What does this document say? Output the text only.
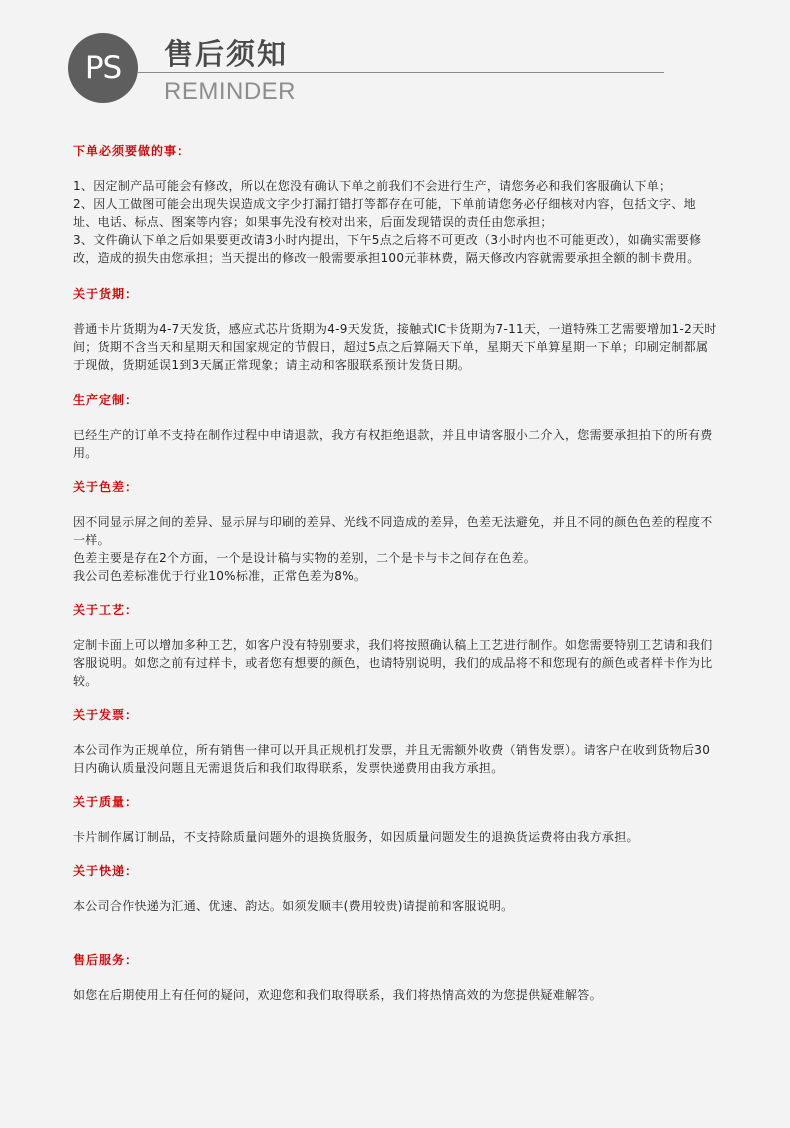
PS	售后须知
REMINDER
下单必须要做的事：

1、因定制产品可能会有修改，所以在您没有确认下单之前我们不会进行生产，请您务必和我们客服确认下单；

2、因人工做图可能会出现失误造成文字少打漏打错打等都存在可能，下单前请您务必仔细核对内容，包括文字、地址、电话、标点、图案等内容；如果事先没有校对出来，后面发现错误的责任由您承担；

3、文件确认下单之后如果要更改请3小时内提出，下午5点之后将不可更改（3小时内也不可能更改），如确实需要修改，造成的损失由您承担；当天提出的修改一般需要承担100元菲林费，隔天修改内容就需要承担全额的制卡费用。

关于货期：

普通卡片货期为4-7天发货，感应式芯片货期为4-9天发货，接触式IC卡货期为7-11天，一道特殊工艺需要增加1-2天时间；货期不含当天和星期天和国家规定的节假日，超过5点之后算隔天下单，星期天下单算星期一下单；印刷定制都属于现做，货期延误1到3天属正常现象；请主动和客服联系预计发货日期。

生产定制：

已经生产的订单不支持在制作过程中申请退款，我方有权拒绝退款，并且申请客服小二介入，您需要承担拍下的所有费用。

关于色差：

因不同显示屏之间的差异、显示屏与印刷的差异、光线不同造成的差异，色差无法避免，并且不同的颜色色差的程度不一样。

色差主要是存在2个方面，一个是设计稿与实物的差别，二个是卡与卡之间存在色差。

我公司色差标准优于行业10%标准，正常色差为8%。

关于工艺：

定制卡面上可以增加多种工艺，如客户没有特别要求，我们将按照确认稿上工艺进行制作。如您需要特别工艺请和我们客服说明。如您之前有过样卡，或者您有想要的颜色，也请特别说明，我们的成品将不和您现有的颜色或者样卡作为比较。

关于发票：

本公司作为正规单位，所有销售一律可以开具正规机打发票，并且无需额外收费（销售发票）。请客户在收到货物后30日内确认质量没问题且无需退货后和我们取得联系，发票快递费用由我方承担。

关于质量：

卡片制作属订制品，不支持除质量问题外的退换货服务，如因质量问题发生的退换货运费将由我方承担。

关于快递：

本公司合作快递为汇通、优速、韵达。如须发顺丰(费用较贵)请提前和客服说明。

售后服务：

如您在后期使用上有任何的疑问，欢迎您和我们取得联系，我们将热情高效的为您提供疑难解答。
